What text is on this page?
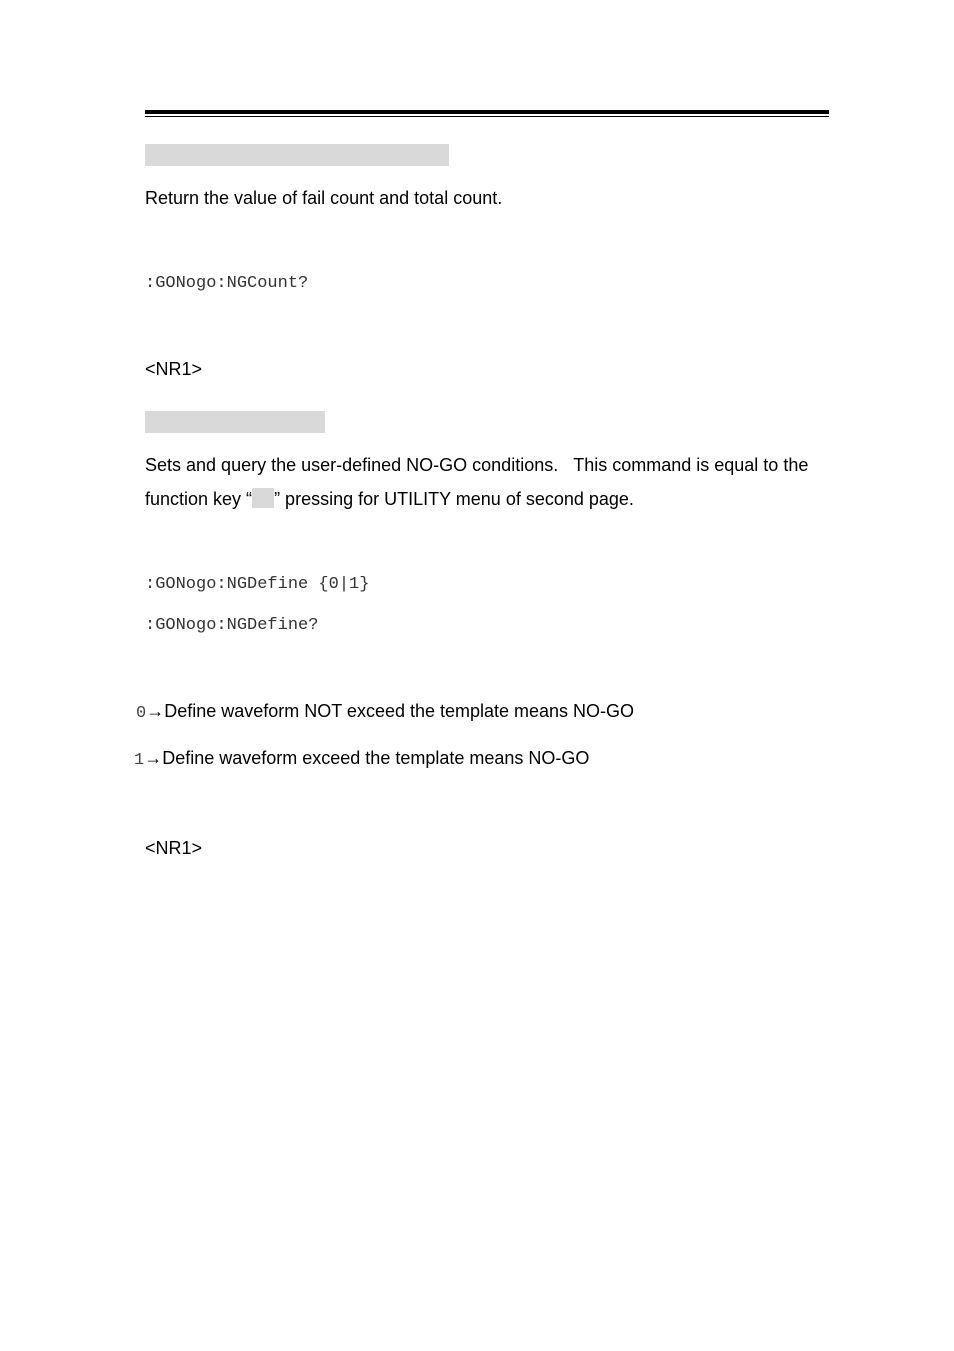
Return the value of fail count and total count.
:GONogo:NGCount?
<NR1>
Sets and query the user-defined NO-GO conditions.   This command is equal to the
function key “ ” pressing for UTILITY menu of second page.
:GONogo:NGDefine {0|1}
:GONogo:NGDefine?
0→Define waveform NOT exceed the template means NO-GO
1→Define waveform exceed the template means NO-GO
<NR1>
